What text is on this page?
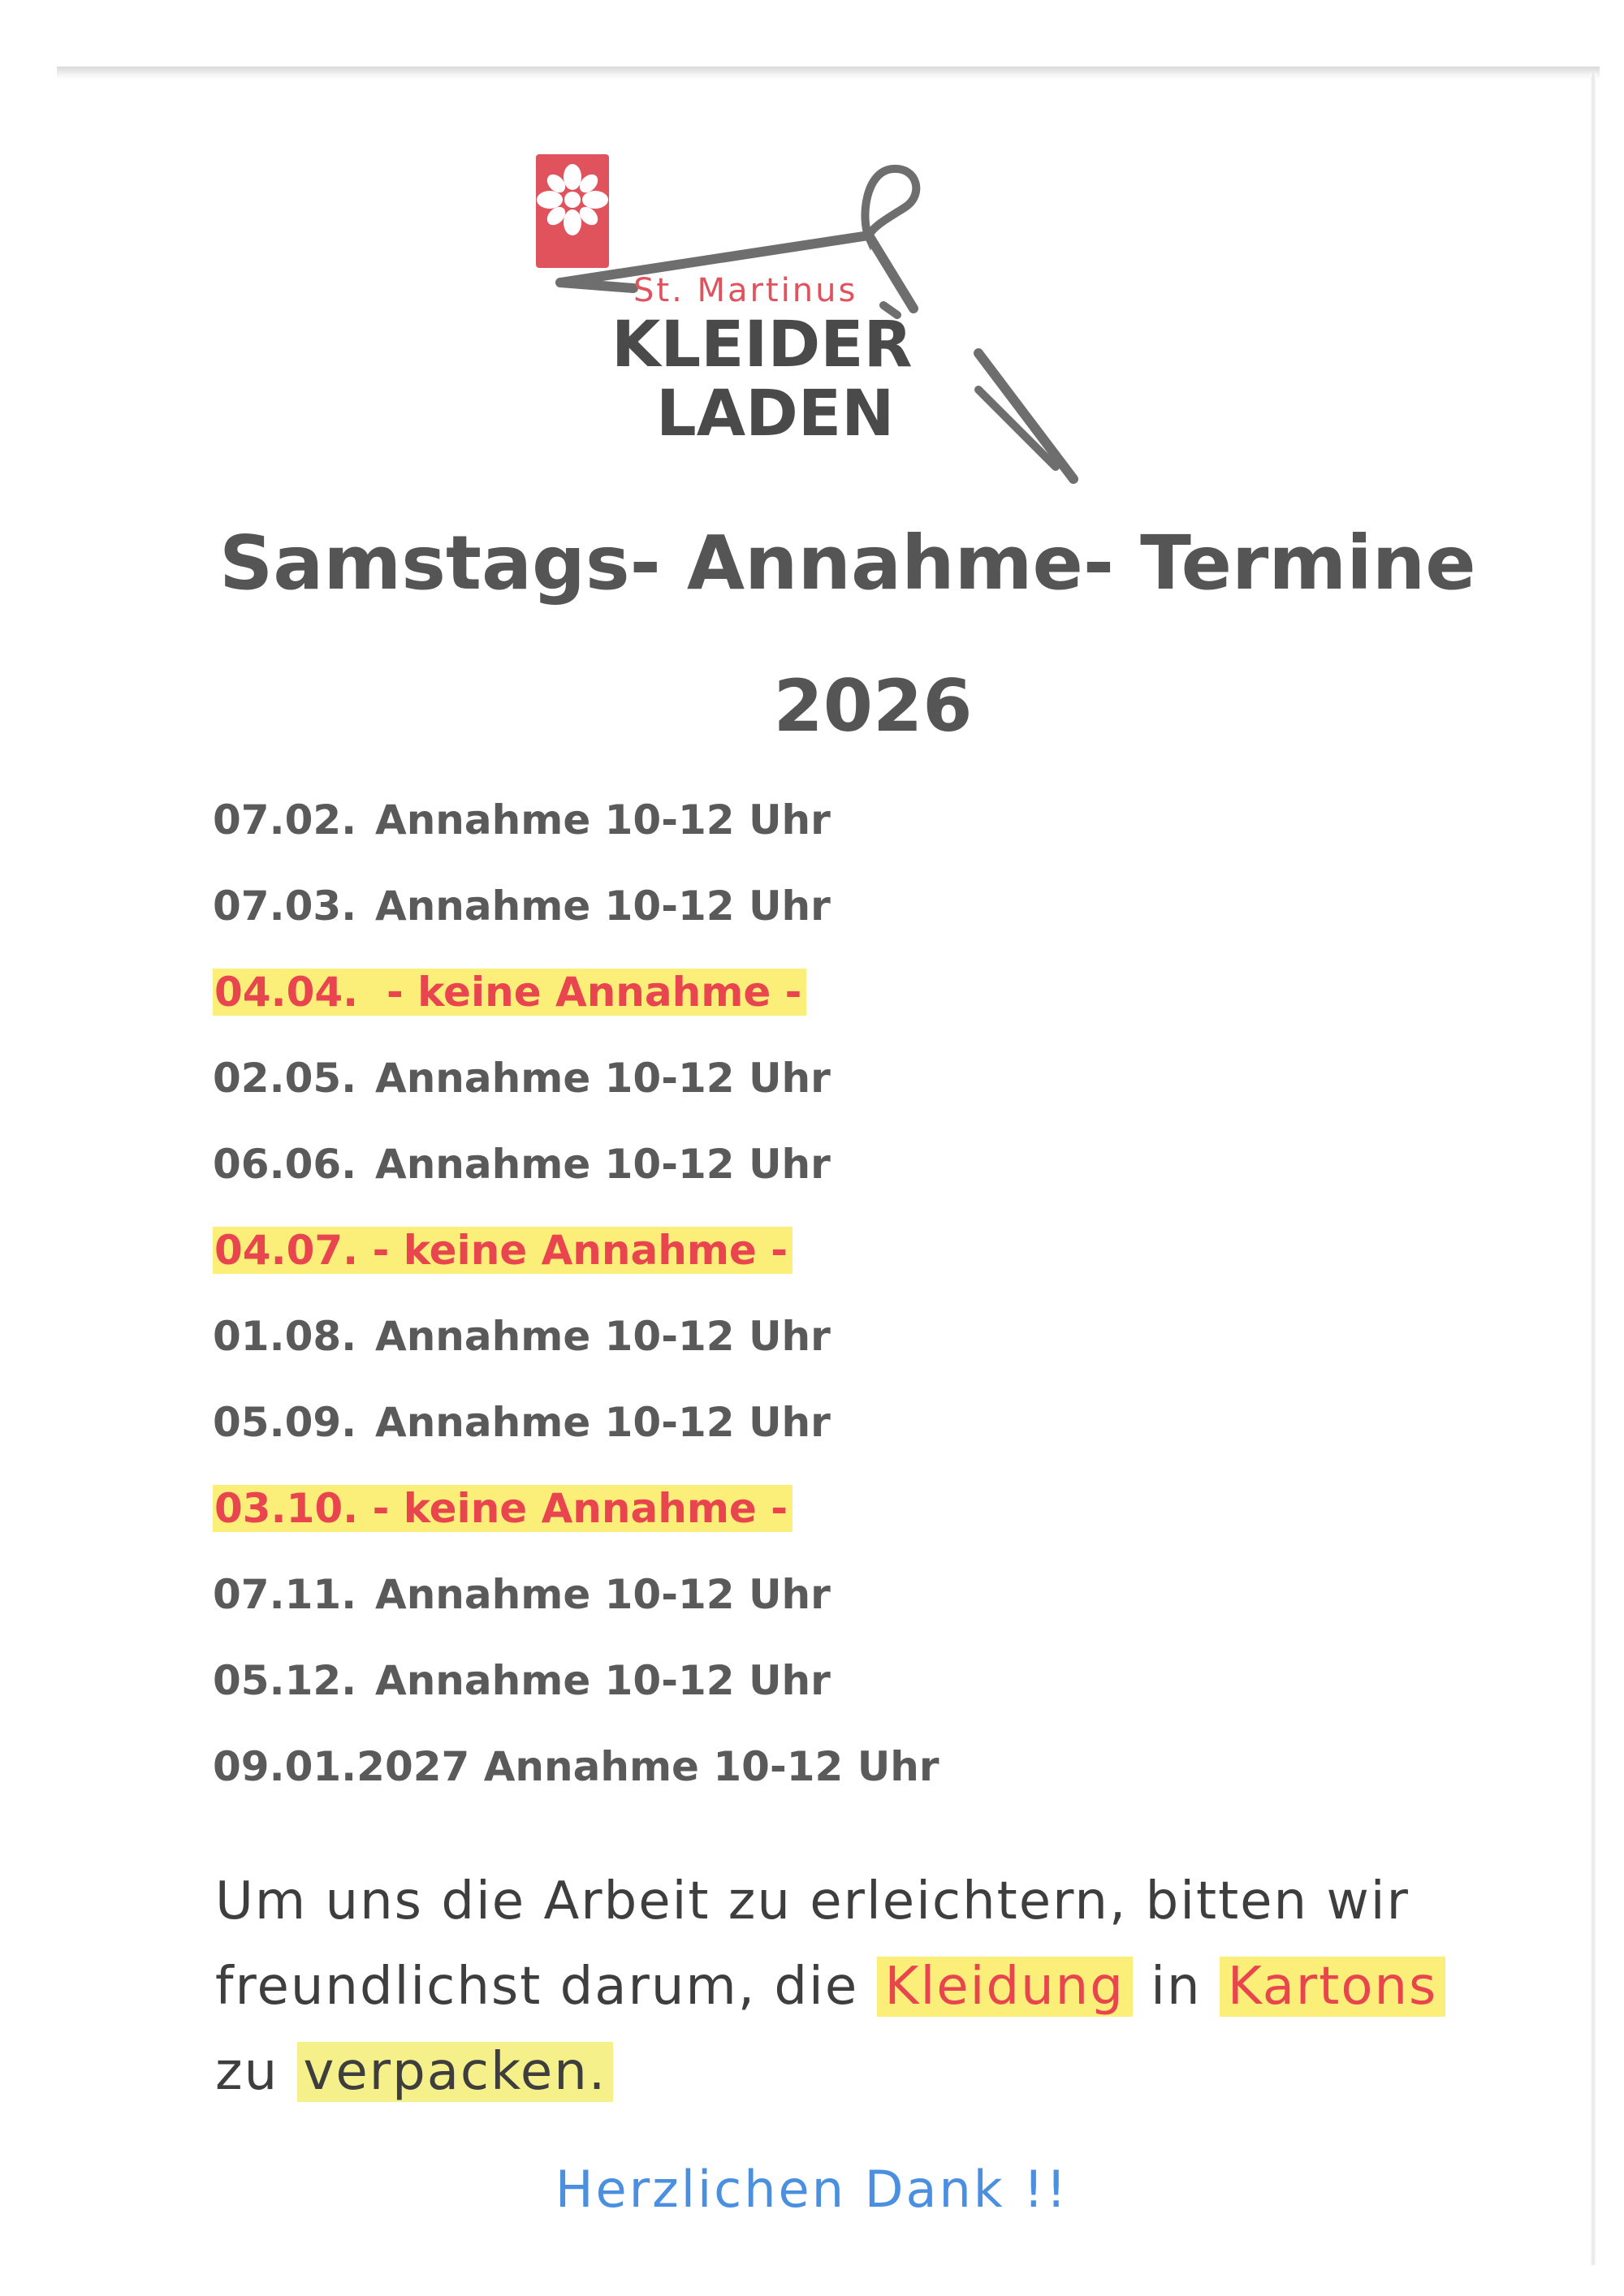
St. Martinus
KLEIDER
LADEN caritas
Samstags- Annahme- Termine
2026
07.02. Annahme 10-12 Uhr
07.03. Annahme 10-12 Uhr
04.04. - keine Annahme -
02.05. Annahme 10-12 Uhr
06.06. Annahme 10-12 Uhr
04.07. - keine Annahme -
01.08. Annahme 10-12 Uhr
05.09. Annahme 10-12 Uhr
03.10. - keine Annahme -
07.11. Annahme 10-12 Uhr
05.12. Annahme 10-12 Uhr
09.01.2027 Annahme 10-12 Uhr
Um uns die Arbeit zu erleichtern, bitten wir
freundlichst darum, die Kleidung in Kartons
zu verpacken.
Herzlichen Dank !!
